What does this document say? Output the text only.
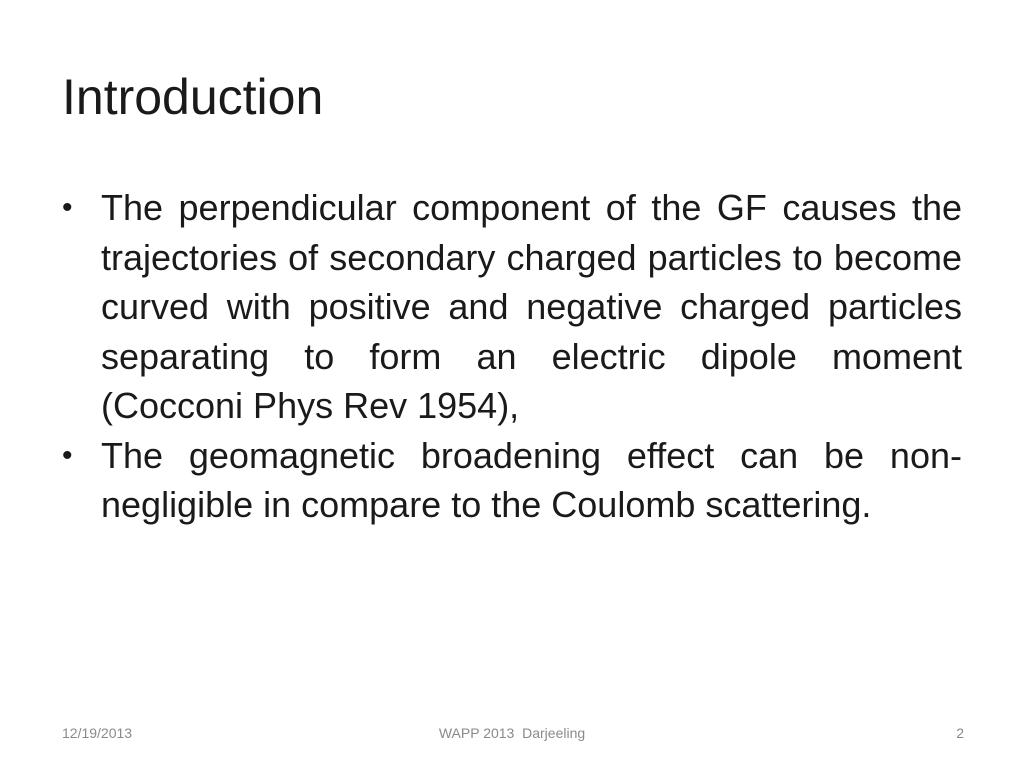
Introduction
• The perpendicular component of the GF causes the trajectories of secondary charged particles to become curved with positive and negative charged particles separating to form an electric dipole moment (Cocconi Phys Rev 1954),
• The geomagnetic broadening effect can be non-negligible in compare to the Coulomb scattering.
12/19/2013	WAPP 2013  Darjeeling	2
